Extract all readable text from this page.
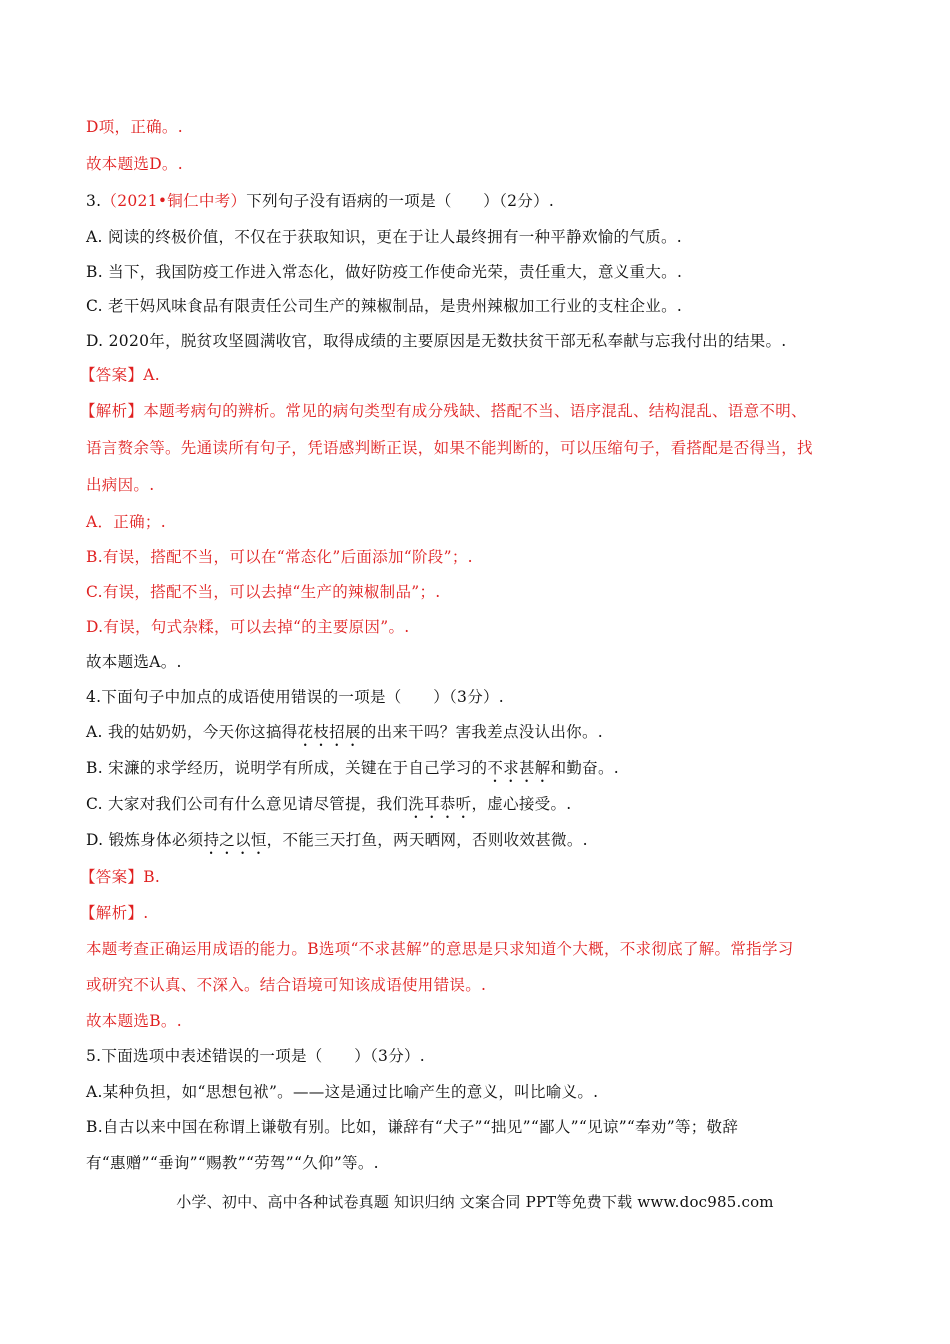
D项，正确。.
故本题选D。.
3.（2021•铜仁中考）下列句子没有语病的一项是（　　）（2分）.
A. 阅读的终极价值，不仅在于获取知识，更在于让人最终拥有一种平静欢愉的气质。.
B. 当下，我国防疫工作进入常态化，做好防疫工作使命光荣，责任重大，意义重大。.
C. 老干妈风味食品有限责任公司生产的辣椒制品，是贵州辣椒加工行业的支柱企业。.
D. 2020年，脱贫攻坚圆满收官，取得成绩的主要原因是无数扶贫干部无私奉献与忘我付出的结果。.
【答案】A.
【解析】本题考病句的辨析。常见的病句类型有成分残缺、搭配不当、语序混乱、结构混乱、语意不明、
语言赘余等。先通读所有句子，凭语感判断正误，如果不能判断的，可以压缩句子，看搭配是否得当，找
出病因。.
A．正确；.
B.有误，搭配不当，可以在“常态化”后面添加“阶段”；.
C.有误，搭配不当，可以去掉“生产的辣椒制品”；.
D.有误，句式杂糅，可以去掉“的主要原因”。.
故本题选A。.
4.下面句子中加点的成语使用错误的一项是（　　）（3分）.
A. 我的姑奶奶，今天你这搞得花枝招展的出来干吗？害我差点没认出你。.
B. 宋濂的求学经历，说明学有所成，关键在于自己学习的不求甚解和勤奋。.
C. 大家对我们公司有什么意见请尽管提，我们洗耳恭听，虚心接受。.
D. 锻炼身体必须持之以恒，不能三天打鱼，两天晒网，否则收效甚微。.
【答案】B.
【解析】.
本题考查正确运用成语的能力。B选项“不求甚解”的意思是只求知道个大概，不求彻底了解。常指学习
或研究不认真、不深入。结合语境可知该成语使用错误。.
故本题选B。.
5.下面选项中表述错误的一项是（　　）（3分）.
A.某种负担，如“思想包袱”。——这是通过比喻产生的意义，叫比喻义。.
B.自古以来中国在称谓上谦敬有别。比如，谦辞有“犬子”“拙见”“鄙人”“见谅”“奉劝”等；敬辞
有“惠赠”“垂询”“赐教”“劳驾”“久仰”等。.
小学、初中、高中各种试卷真题 知识归纳 文案合同 PPT等免费下载 www.doc985.com
